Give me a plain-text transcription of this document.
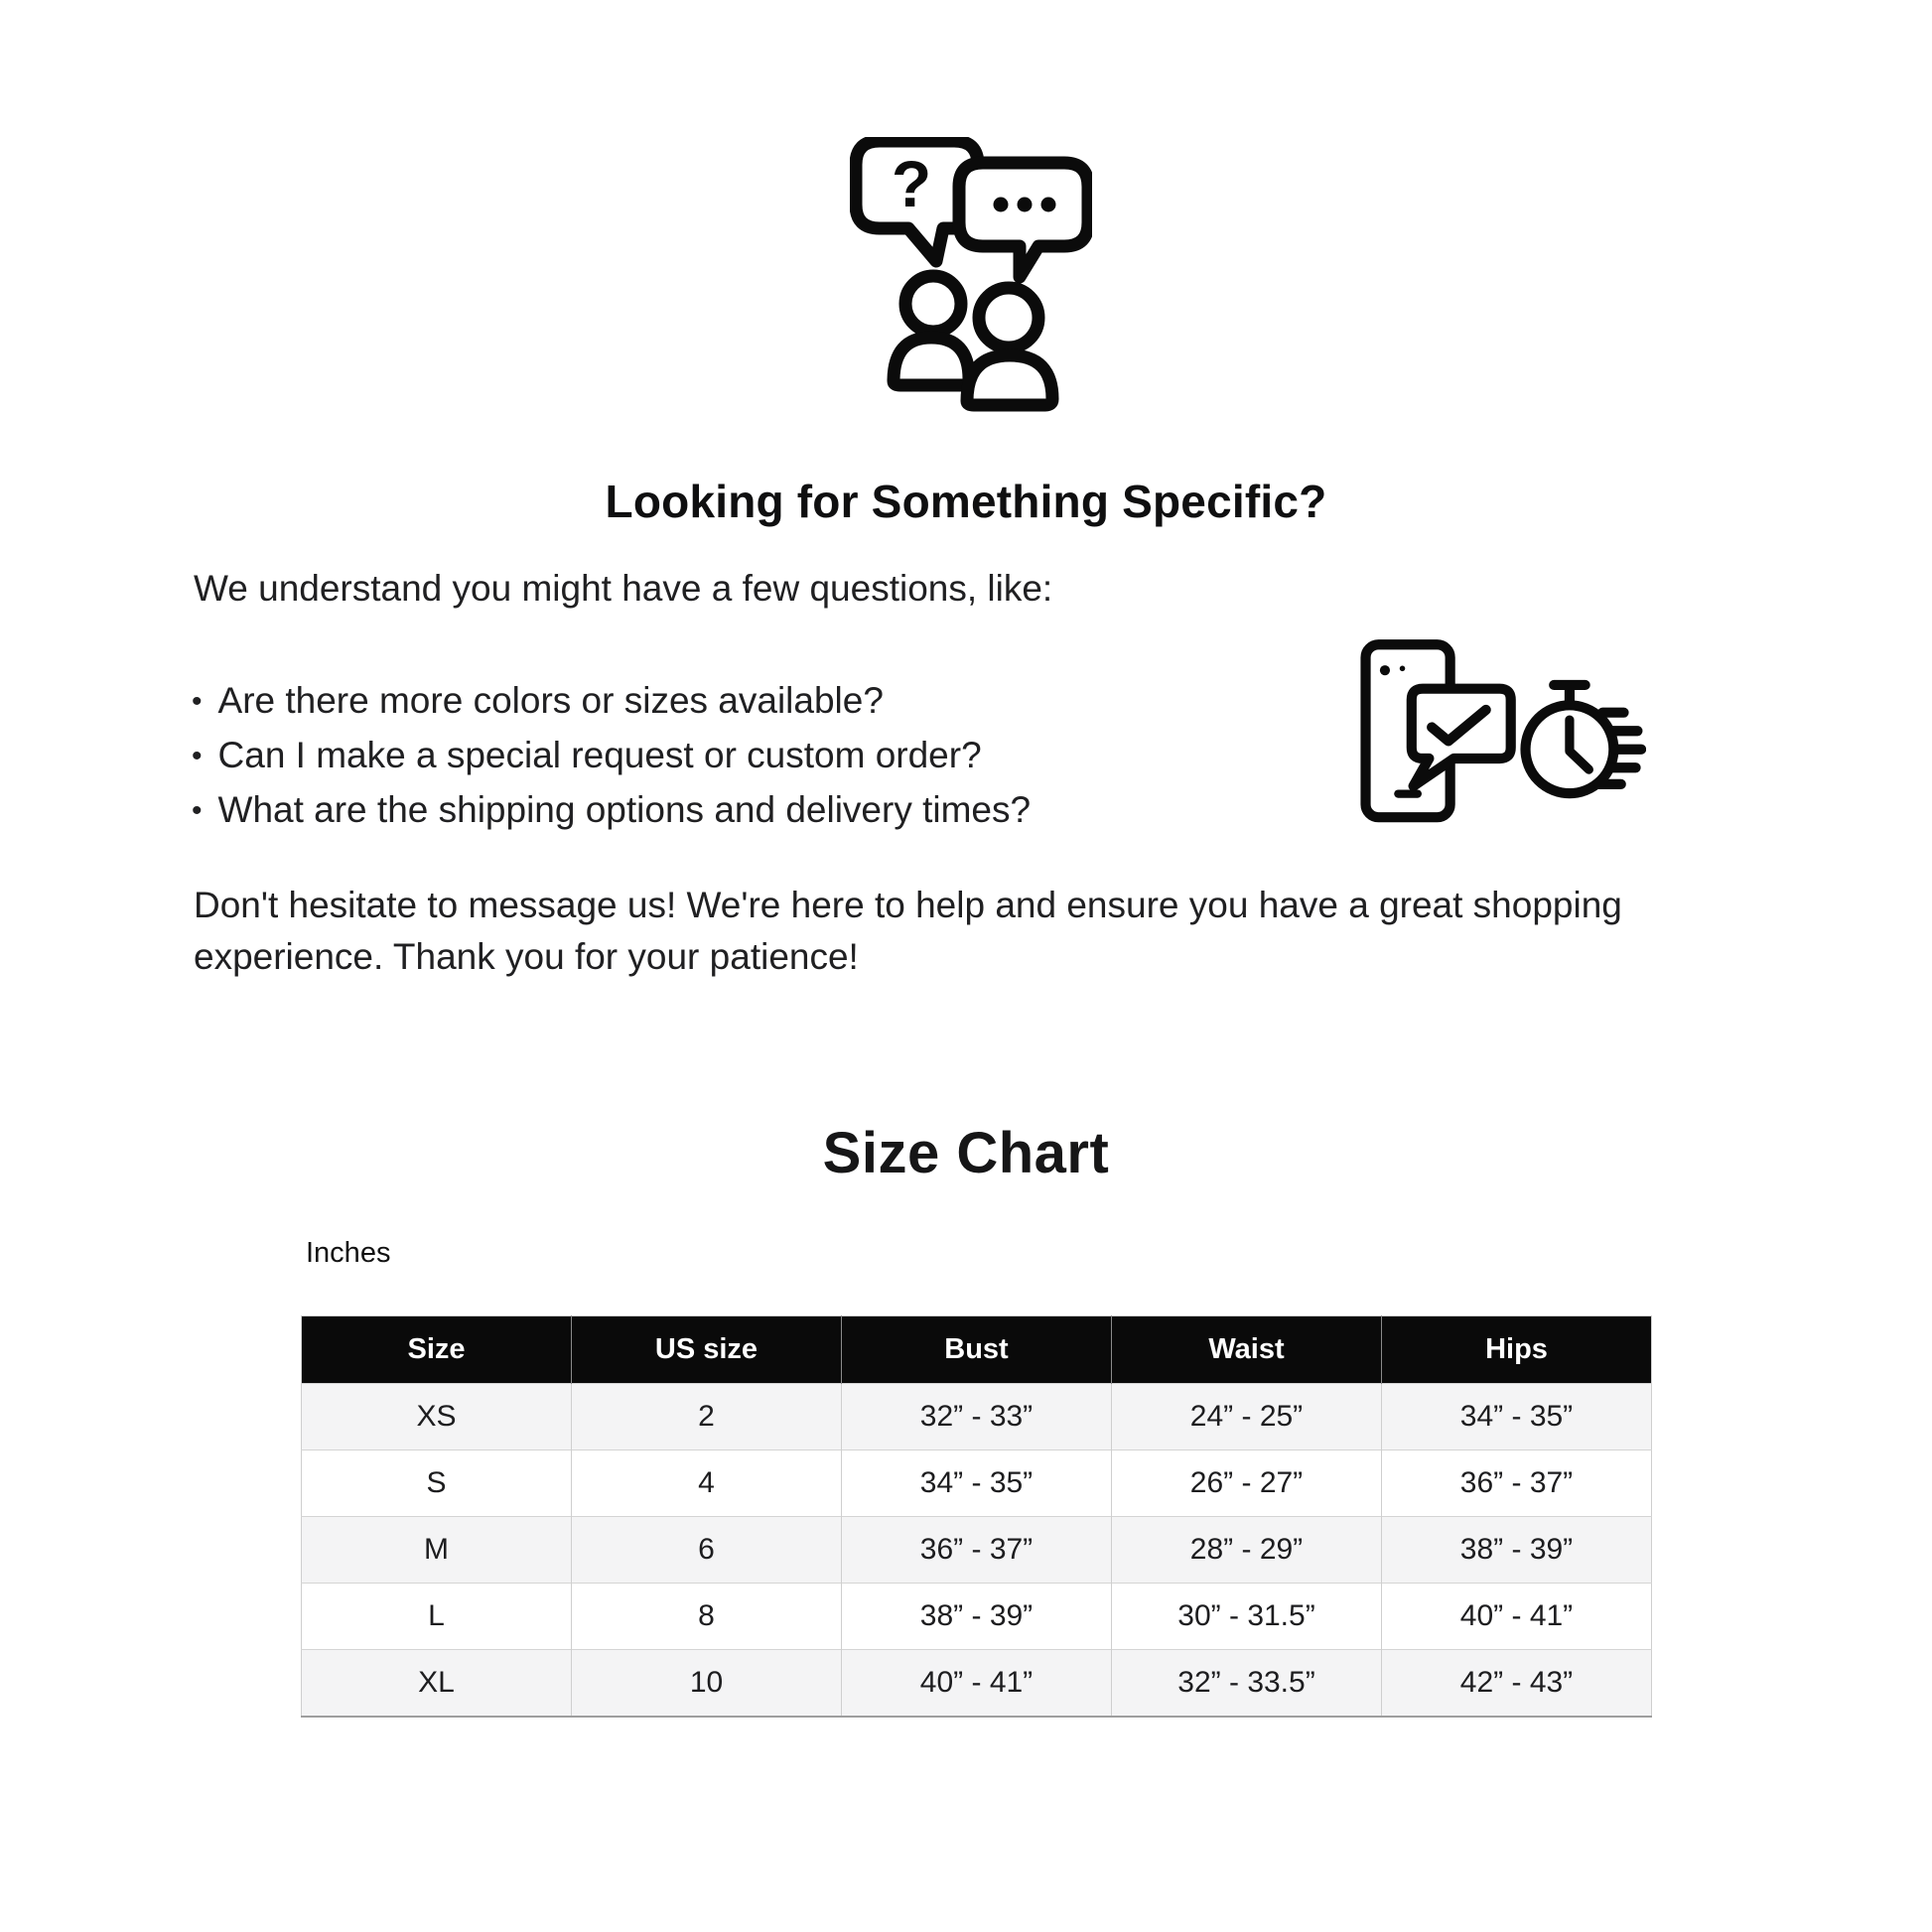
?
Looking for Something Specific?

We understand you might have a few questions, like:

• Are there more colors or sizes available?
• Can I make a special request or custom order?
• What are the shipping options and delivery times?

Don't hesitate to message us! We're here to help and ensure you have a great shopping
experience. Thank you for your patience!

Size Chart

Inches

Size	US size	Bust	Waist	Hips
XS	2	32” - 33”	24” - 25”	34” - 35”
S	4	34” - 35”	26” - 27”	36” - 37”
M	6	36” - 37”	28” - 29”	38” - 39”
L	8	38” - 39”	30” - 31.5”	40” - 41”
XL	10	40” - 41”	32” - 33.5”	42” - 43”
